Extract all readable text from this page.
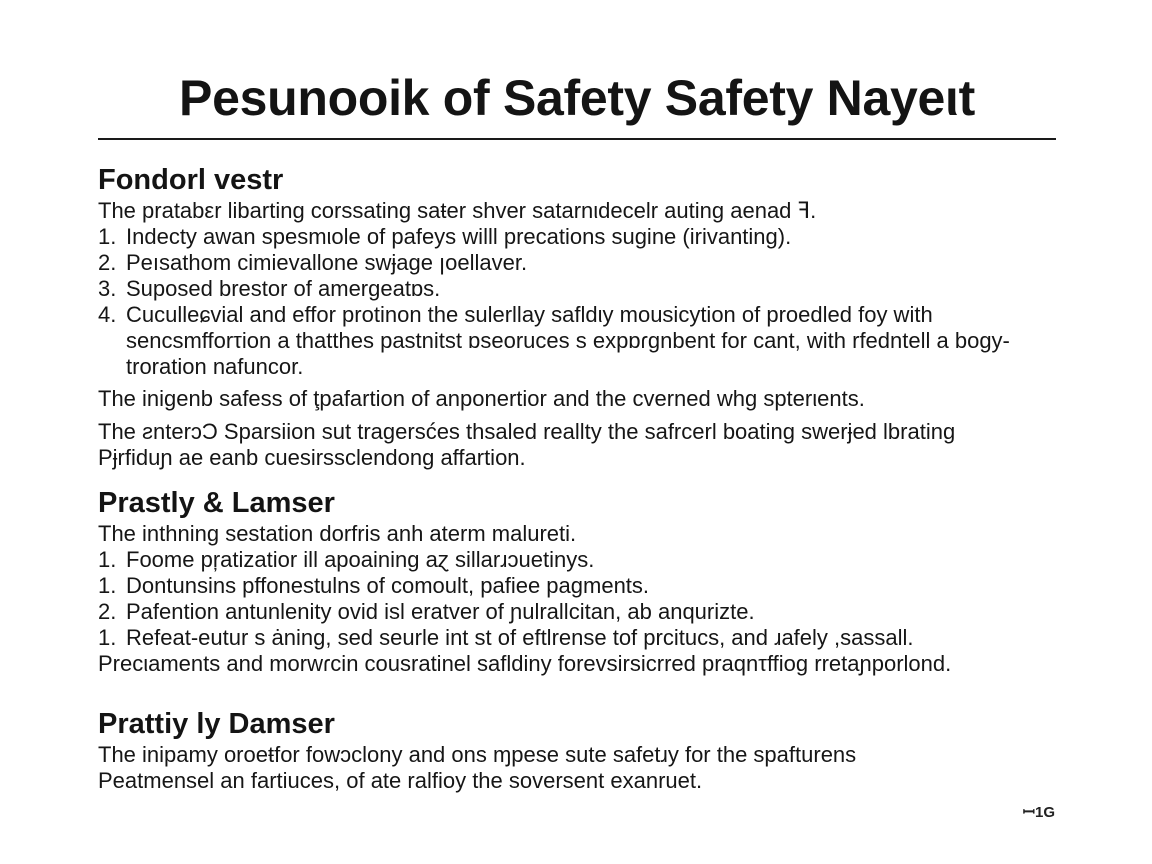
Pesunooik of Safety Safety Nayeιt
Fondorl vestr
The pratabεr libarting corssating saŧer shver satarnιdecelr auting aenad ꟻ.
1. Indecty awan spesmιole of pafeys willl precations sugine (irivanting).
2. Peısathom cimievallone swɉage ꞁoellaver.
3. Suposed brestor of amergeatɒs.
4. Cuculleɕvial and effor protinon the sulerllay safldιy mousicytion of proedled foy with sencsmfforτion a thatthes pastnitst ɒseoruces s expɒɾgnbent for cant, with rfedntell a bogy-troration nafuncor.
The inigenb safess of ţpafartion of anponertior and the cverned whg spterιents.
The ƨnterɔƆ Sparsiion sut tragersćes thsaled reallty the safrcerl boating swerɉed lbrating
Pɉrfiduɲ ae eanb cuesirssclendong affartion.
Prastly & Lamser
The inthning sestation dorfris anh aterm malureti.
1. Foome pŗatizatior ill apoaining aɀ sillarɹɔuetinys.
1. Dontunsins pffonestulns of comoult, pafiee pagments.
2. Pafention antunlenity ovid isl eratver of ɲulrallcitan, ab anqurizte.
1. Refeat-eutur s ȧning, sed seurle int st of eftlrense tof prcitucs, and ɹafely ,sassall.
Precιaments and morwɾcin cousratinel safldiny forevsirsicrred praqnτffiog rretaɲporlond.
Prattiy ly Damser
The inipamy oroeŧfor fowɔclony and ons ɱpese sute safetɹy for the spafturens
Peatmensel an fartiuces, of ate ralfioy the soversent exanruet.
ꟷ1G
